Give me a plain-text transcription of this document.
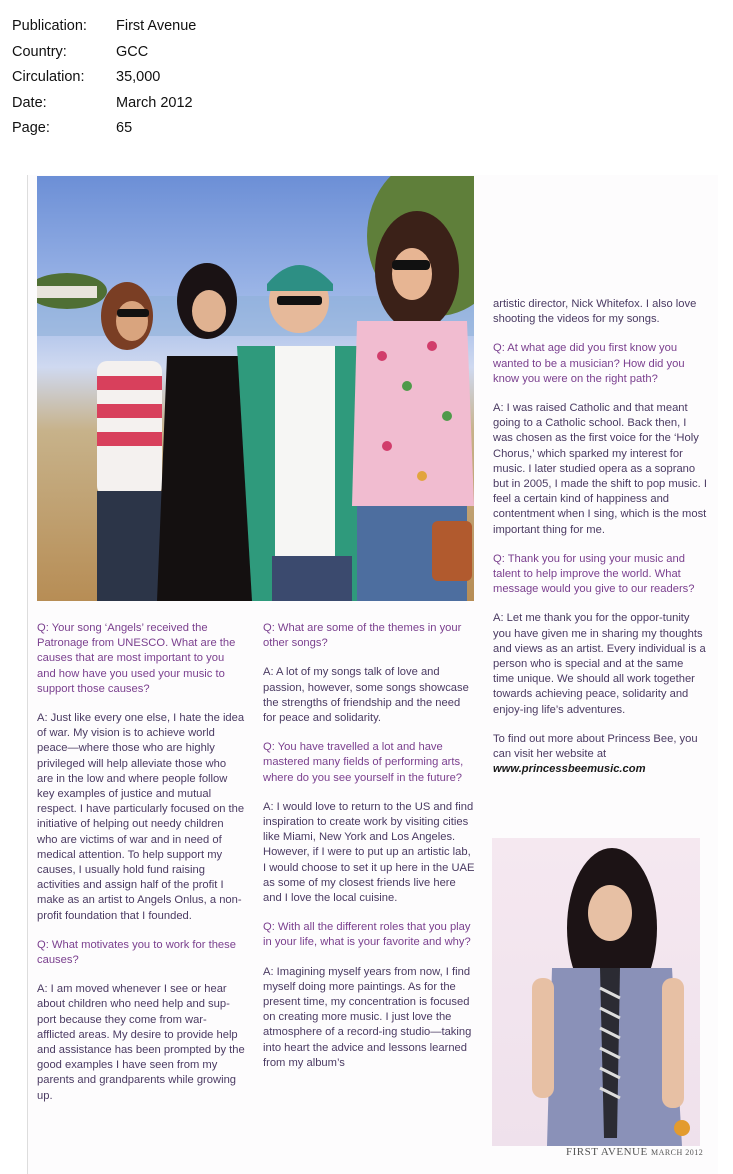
Publication:	First Avenue
Country:	GCC
Circulation:	35,000
Date:	March 2012
Page:	65

Q: Your song ‘Angels’ received the Patronage from UNESCO. What are the causes that are most important to you and how have you used your music to support those causes?

A: Just like every one else, I hate the idea of war. My vision is to achieve world peace—where those who are highly privileged will help alleviate those who are in the low and where people follow key examples of justice and mutual respect. I have particularly focused on the initiative of helping out needy children who are victims of war and in need of medical attention. To help support my causes, I usually hold fund raising activities and assign half of the profit I make as an artist to Angels Onlus, a non-profit foundation that I founded.

Q: What motivates you to work for these causes?

A: I am moved whenever I see or hear about children who need help and sup-port because they come from war-afflicted areas. My desire to provide help and assistance has been prompted by the good examples I have seen from my parents and grandparents while growing up.

Q: What are some of the themes in your other songs?

A: A lot of my songs talk of love and passion, however, some songs showcase the strengths of friendship and the need for peace and solidarity.

Q: You have travelled a lot and have mastered many fields of performing arts, where do you see yourself in the future?

A: I would love to return to the US and find inspiration to create work by visiting cities like Miami, New York and Los Angeles. However, if I were to put up an artistic lab, I would choose to set it up here in the UAE as some of my closest friends live here and I love the local cuisine.

Q: With all the different roles that you play in your life, what is your favorite and why?

A: Imagining myself years from now, I find myself doing more paintings. As for the present time, my concentration is focused on creating more music. I just love the atmosphere of a record-ing studio—taking into heart the advice and lessons learned from my album’s

artistic director, Nick Whitefox. I also love shooting the videos for my songs.

Q: At what age did you first know you wanted to be a musician? How did you know you were on the right path?

A: I was raised Catholic and that meant going to a Catholic school. Back then, I was chosen as the first voice for the ‘Holy Chorus,’ which sparked my interest for music. I later studied opera as a soprano but in 2005, I made the shift to pop music. I feel a certain kind of happiness and contentment when I sing, which is the most important thing for me.

Q: Thank you for using your music and talent to help improve the world. What message would you give to our readers?

A: Let me thank you for the oppor-tunity you have given me in sharing my thoughts and views as an artist. Every individual is a person who is special and at the same time unique. We should all work together towards achieving peace, solidarity and enjoy-ing life’s adventures.

To find out more about Princess Bee, you can visit her website at

www.princessbeemusic.com
FIRST AVENUE MARCH 2012
